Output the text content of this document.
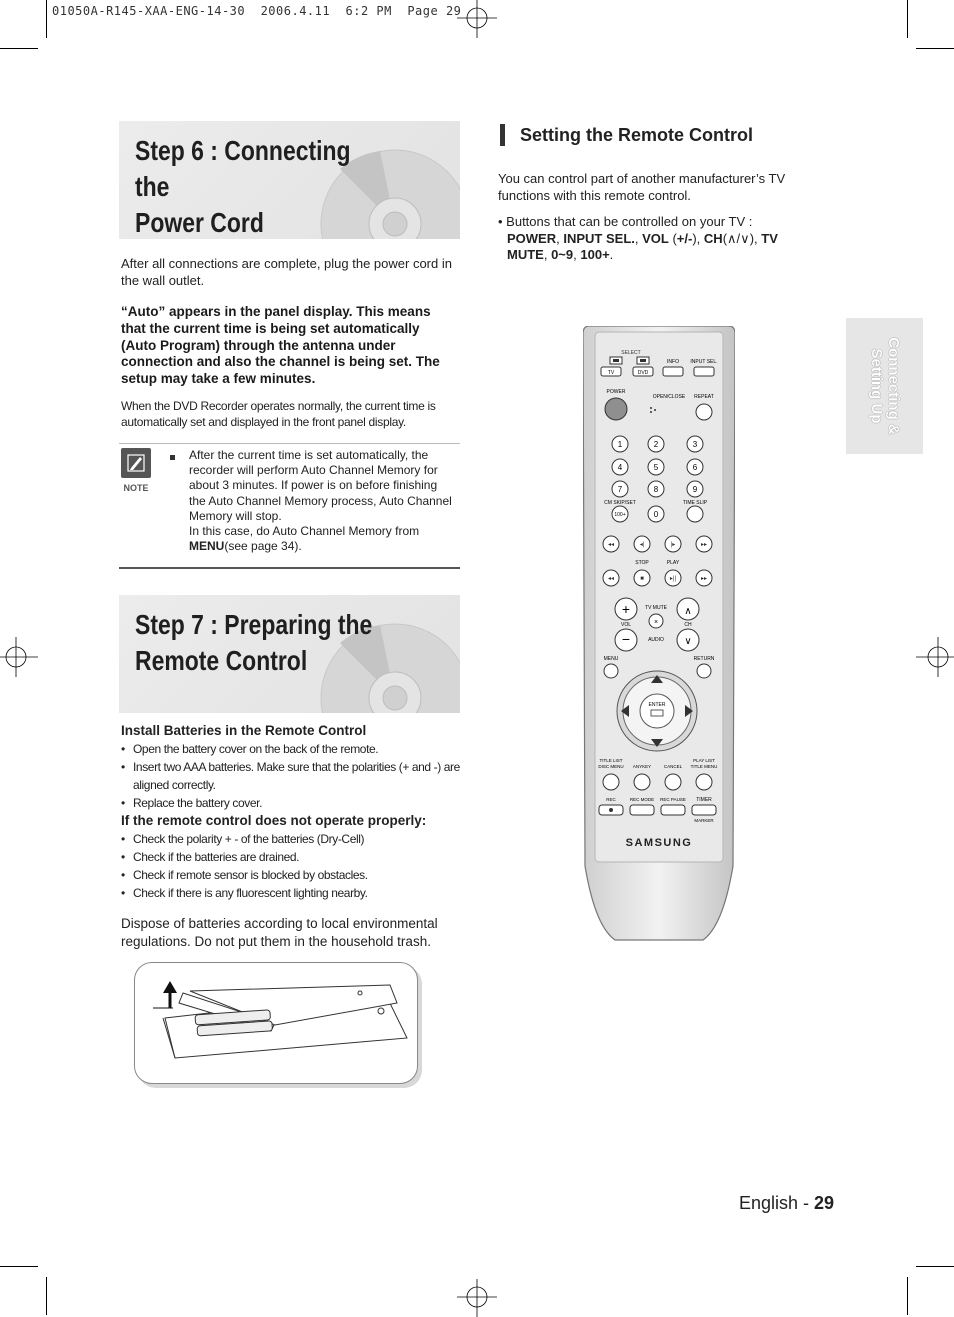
01050A-R145-XAA-ENG-14-30  2006.4.11  6:2 PM  Page 29
Step 6 : Connecting the
Power Cord

After all connections are complete, plug the power cord in the wall outlet.

“Auto” appears in the panel display. This means that the current time is being set automatically (Auto Program) through the antenna under connection and also the channel is being set. The setup may take a few minutes.

When the DVD Recorder operates normally, the current time is automatically set and displayed in the front panel display.

NOTE
After the current time is set automatically, the recorder will perform Auto Channel Memory for about 3 minutes. If power is on before finishing the Auto Channel Memory process, Auto Channel Memory will stop.
In this case, do Auto Channel Memory from
MENU(see page 34).
Step 7 : Preparing the
Remote Control
Install Batteries in the Remote Control
• Open the battery cover on the back of the remote.
• Insert two AAA batteries. Make sure that the polarities (+ and -) are aligned correctly.
• Replace the battery cover.
If the remote control does not operate properly:
• Check the polarity + - of the batteries (Dry-Cell)
• Check if the batteries are drained.
• Check if remote sensor is blocked by obstacles.
• Check if there is any fluorescent lighting nearby.

Dispose of batteries according to local environmental regulations. Do not put them in the household trash.

Setting the Remote Control

You can control part of another manufacturer’s TV functions with this remote control.

• Buttons that can be controlled on your TV :
POWER, INPUT SEL., VOL (+/-), CH(∧/∨), TV MUTE, 0~9, 100+.
SELECT
TV	DVD
INFO INPUT SEL.
POWER
OPEN/CLOSE REPEAT
1	2	3
4	5	6
7	8	9
100+	0
CM SKIP/SET	TIME SLIP
◂◂	◂|	|▸	▸▸
◂◂	■	▸||	▸▸
STOP	PLAY
+
−
∧
∨
TV MUTE
×
VOL	CH
AUDIO
MENU	RETURN
ENTER
TITLE LIST
DISC MENU ANYKEY	CANCEL
PLAY LIST
TITLE MENU
REC	REC MODE REC PAUSE TIMER
MARKER
SAMSUNG
Connecting &
Setting Up
English - 29
